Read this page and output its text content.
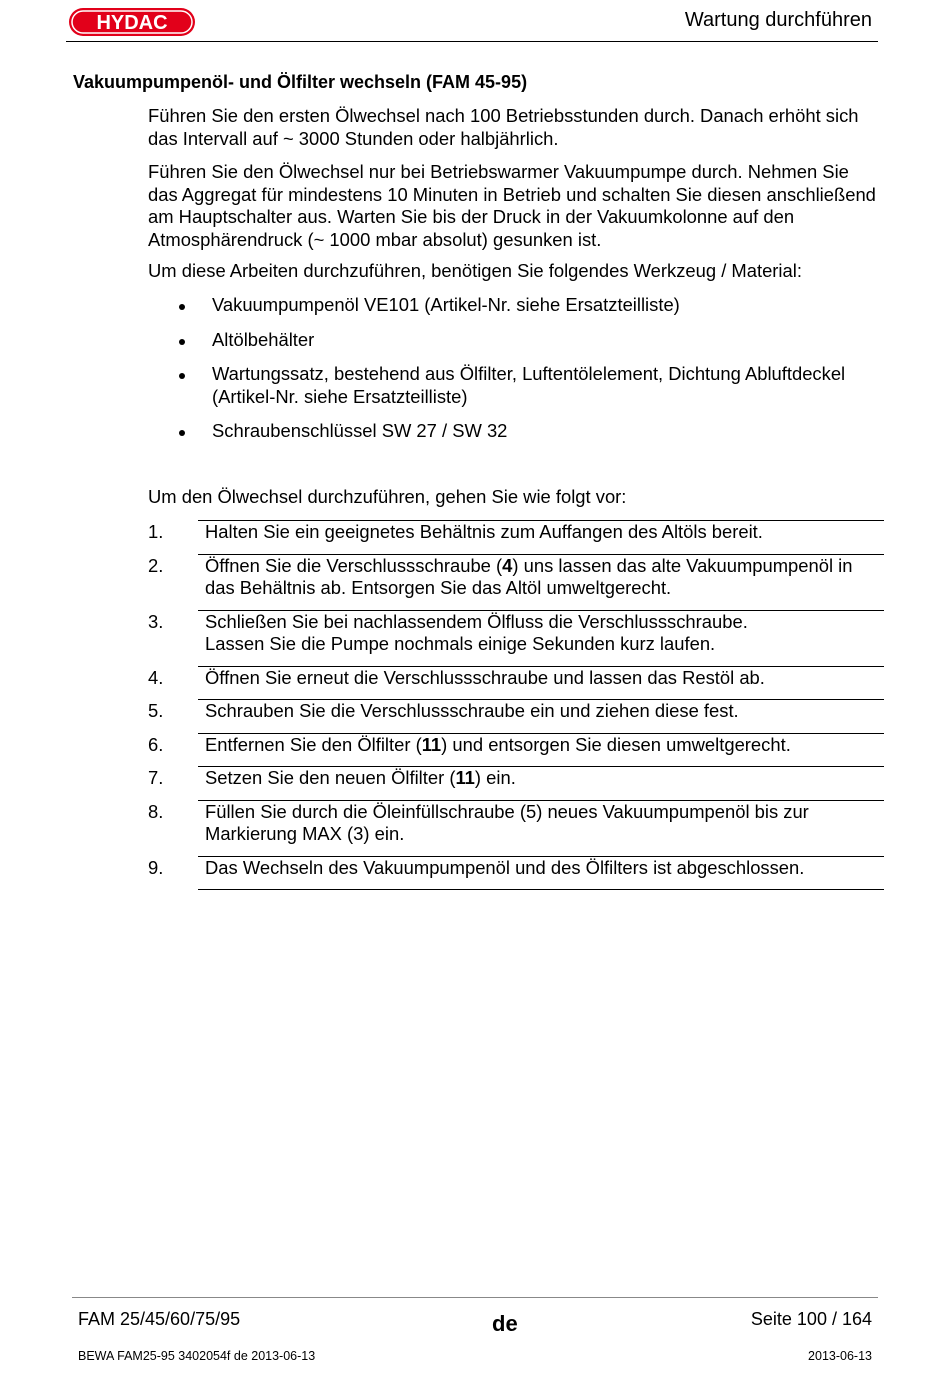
HYDAC	Wartung durchführen
Vakuumpumpenöl- und Ölfilter wechseln (FAM 45-95)
Führen Sie den ersten Ölwechsel nach 100 Betriebsstunden durch. Danach erhöht sich das Intervall auf ~ 3000 Stunden oder halbjährlich.
Führen Sie den Ölwechsel nur bei Betriebswarmer Vakuumpumpe durch. Nehmen Sie das Aggregat für mindestens 10 Minuten in Betrieb und schalten Sie diesen anschließend am Hauptschalter aus. Warten Sie bis der Druck in der Vakuumkolonne auf den Atmosphärendruck (~ 1000 mbar absolut) gesunken ist.
Um diese Arbeiten durchzuführen, benötigen Sie folgendes Werkzeug / Material:
Vakuumpumpenöl VE101 (Artikel-Nr. siehe Ersatzteilliste)
Altölbehälter
Wartungssatz, bestehend aus Ölfilter, Luftentölelement, Dichtung Abluftdeckel (Artikel-Nr. siehe Ersatzteilliste)
Schraubenschlüssel SW 27 / SW 32
Um den Ölwechsel durchzuführen, gehen Sie wie folgt vor:
1. Halten Sie ein geeignetes Behältnis zum Auffangen des Altöls bereit.
2. Öffnen Sie die Verschlussschraube (4) uns lassen das alte Vakuumpumpenöl in das Behältnis ab. Entsorgen Sie das Altöl umweltgerecht.
3. Schließen Sie bei nachlassendem Ölfluss die Verschlussschraube.
Lassen Sie die Pumpe nochmals einige Sekunden kurz laufen.
4. Öffnen Sie erneut die Verschlussschraube und lassen das Restöl ab.
5. Schrauben Sie die Verschlussschraube ein und ziehen diese fest.
6. Entfernen Sie den Ölfilter (11) und entsorgen Sie diesen umweltgerecht.
7. Setzen Sie den neuen Ölfilter (11) ein.
8. Füllen Sie durch die Öleinfüllschraube (5) neues Vakuumpumpenöl bis zur Markierung MAX (3) ein.
9. Das Wechseln des Vakuumpumpenöl und des Ölfilters ist abgeschlossen.
FAM 25/45/60/75/95	de	Seite 100 / 164
BEWA FAM25-95 3402054f de 2013-06-13	2013-06-13
